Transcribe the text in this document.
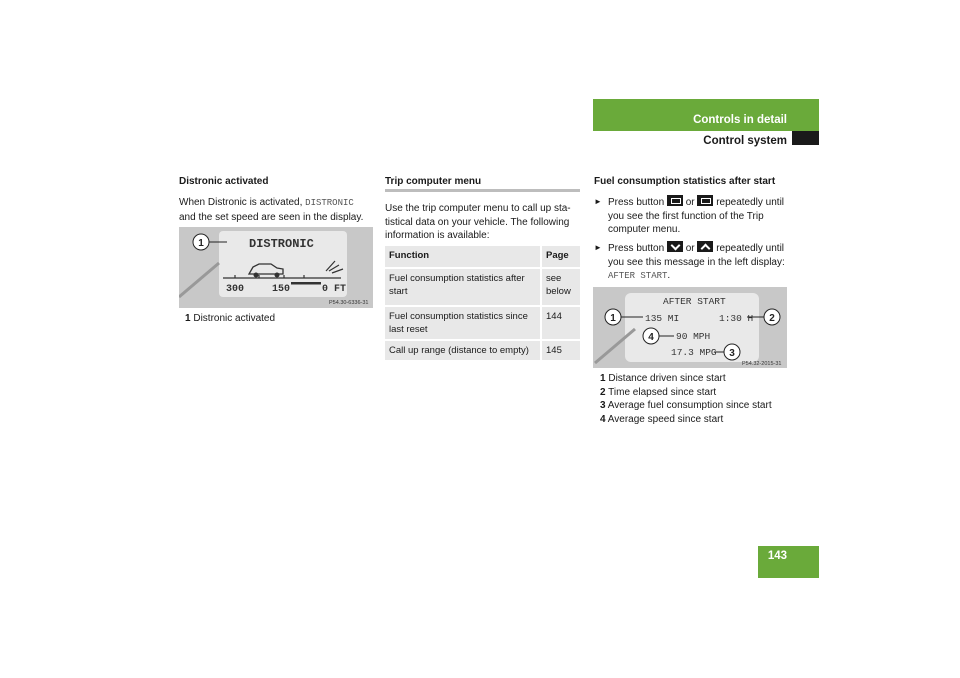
Controls in detail
Control system
Distronic activated
When Distronic is activated, DISTRONIC
and the set speed are seen in the display.
1	DISTRONIC
300	150	0 FT
P54.30-6336-31
1 Distronic activated
Trip computer menu
Use the trip computer menu to call up sta-
tistical data on your vehicle. The following
information is available:
Function	Page
Fuel consumption statistics after start	see below
Fuel consumption statistics since last reset	144
Call up range (distance to empty)	145
Fuel consumption statistics after start
► Press button or repeatedly until you see the first function of the Trip computer menu.
► Press button or repeatedly until you see this message in the left display: AFTER START.
AFTER START
135 MI	1:30 H
90 MPH
17.3 MPG
1	2
4
3
P54.32-2015-31
1 Distance driven since start
2 Time elapsed since start
3 Average fuel consumption since start
4 Average speed since start
143
